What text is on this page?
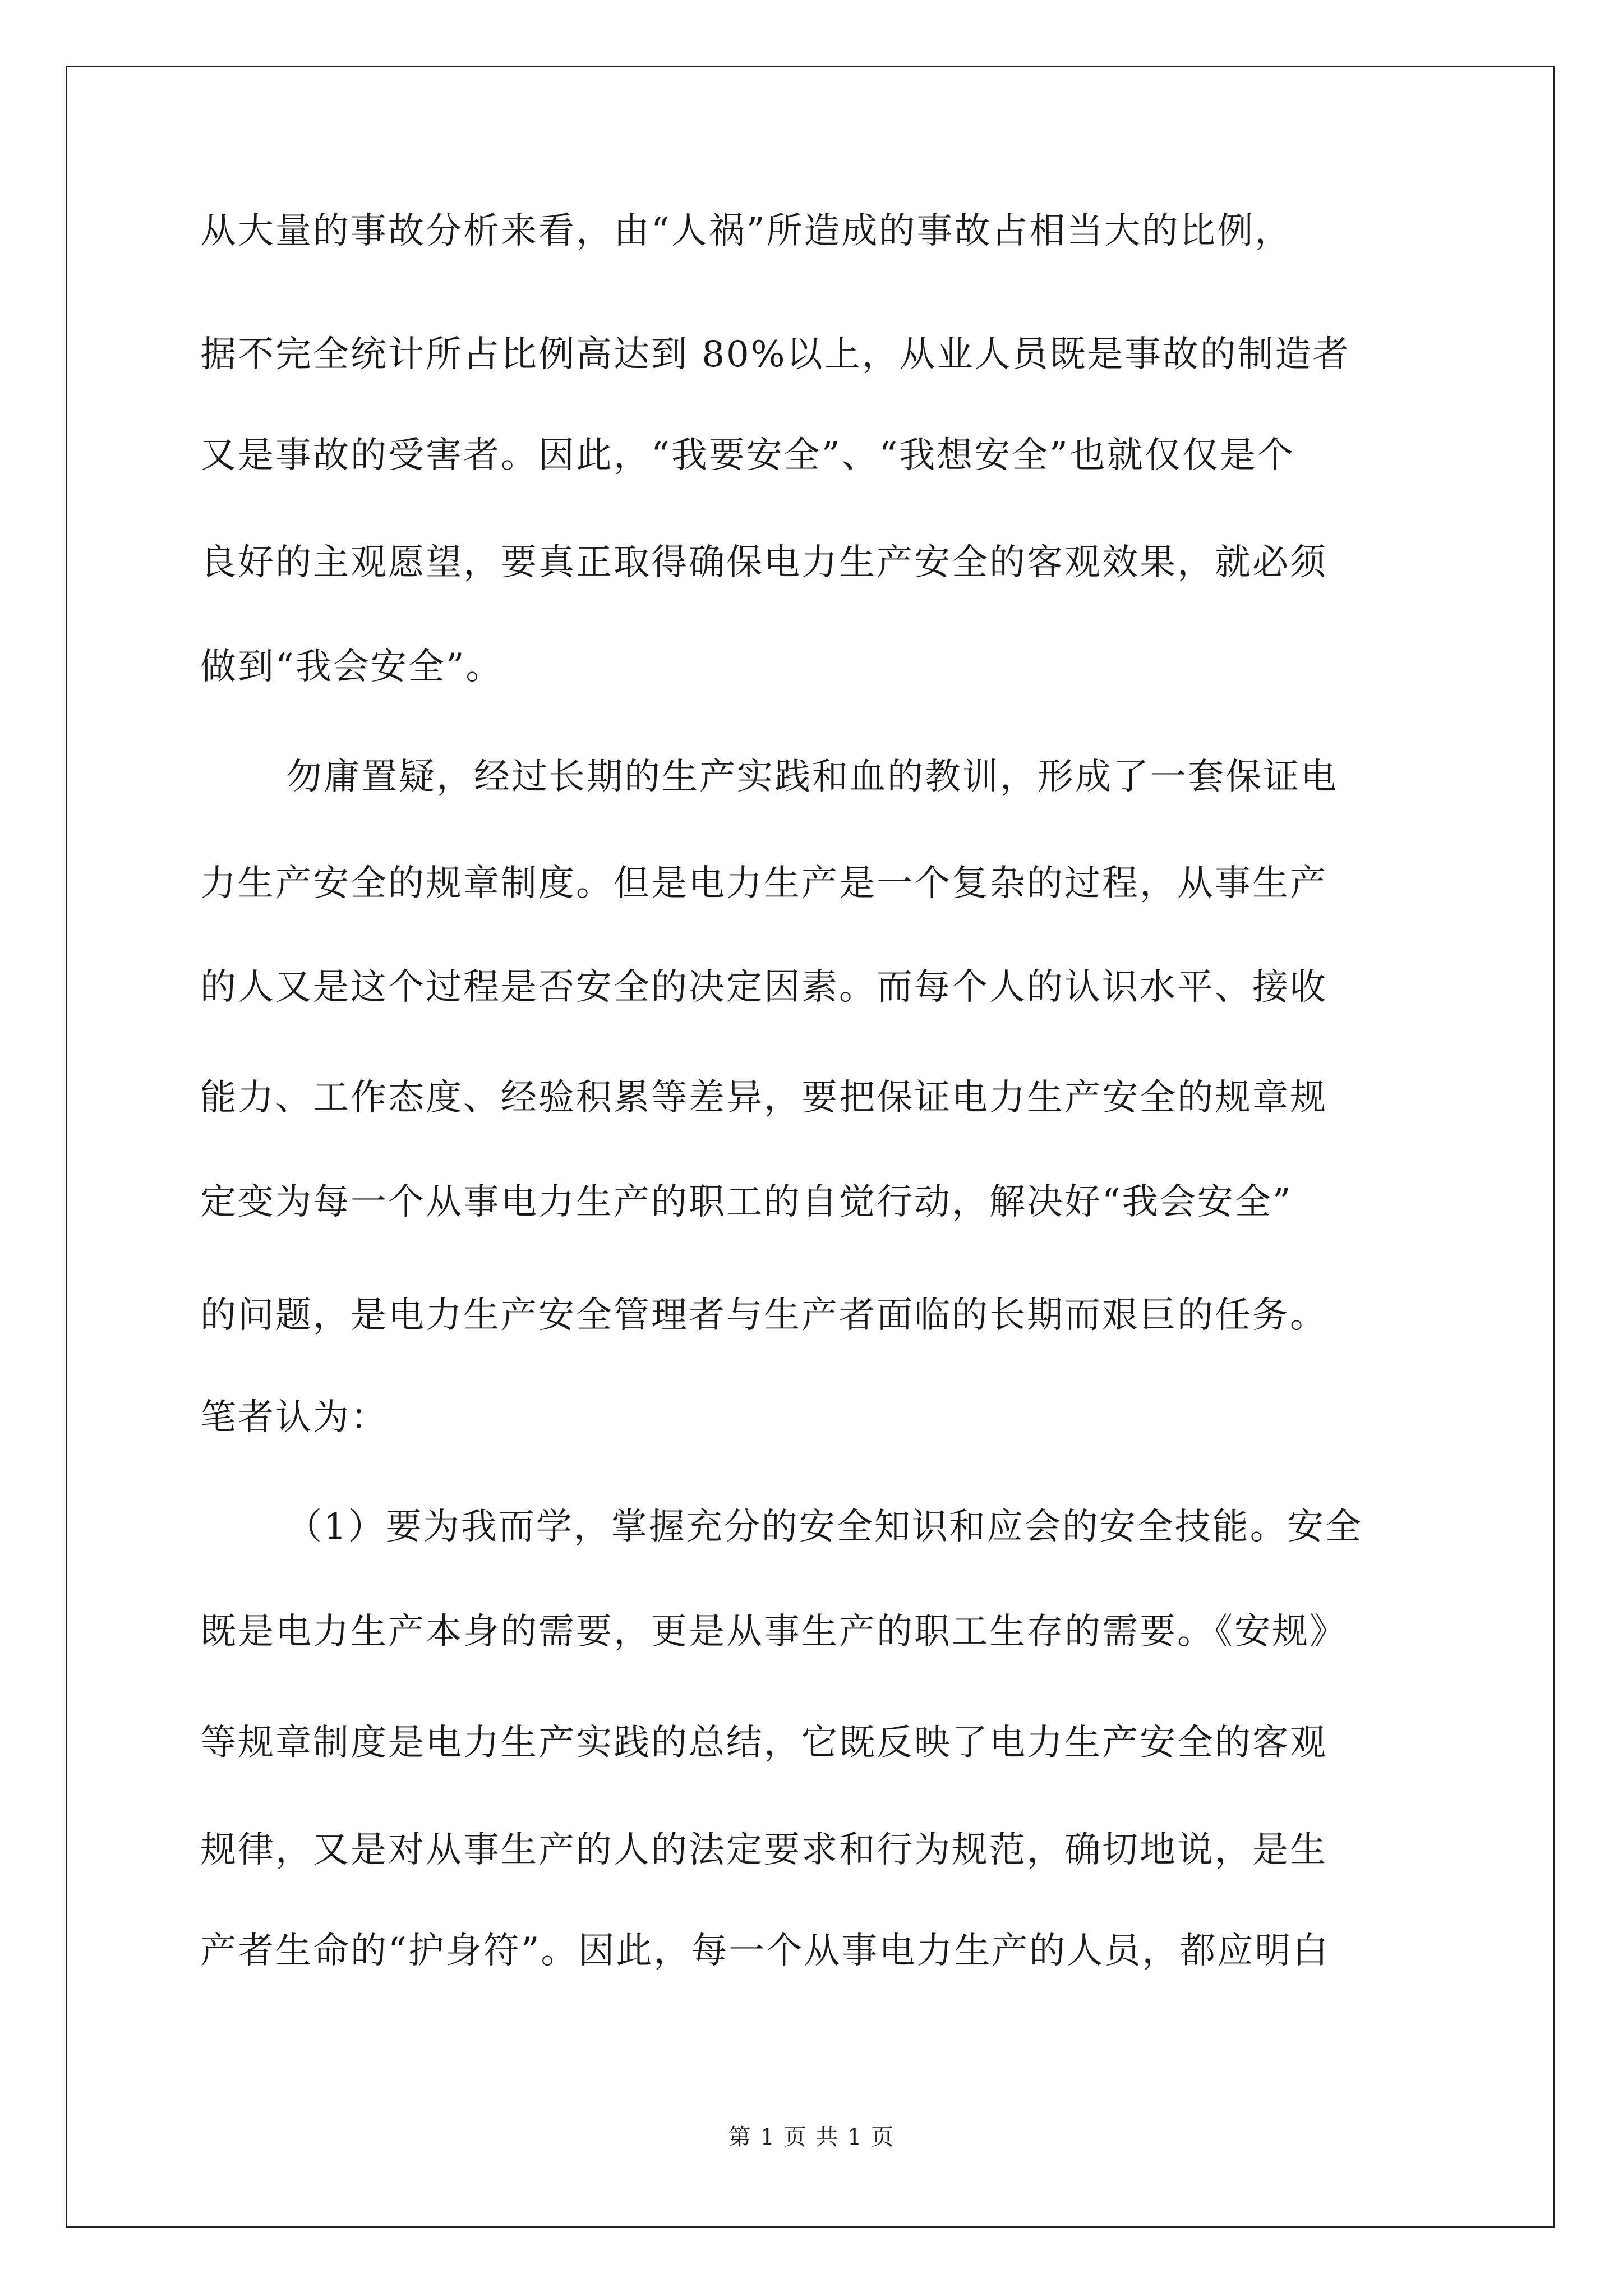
从大量的事故分析来看，由“人祸”所造成的事故占相当大的比例，
据不完全统计所占比例高达到 80%以上，从业人员既是事故的制造者
又是事故的受害者。因此，“我要安全”、“我想安全”也就仅仅是个
良好的主观愿望，要真正取得确保电力生产安全的客观效果，就必须
做到“我会安全”。
勿庸置疑，经过长期的生产实践和血的教训，形成了一套保证电
力生产安全的规章制度。但是电力生产是一个复杂的过程，从事生产
的人又是这个过程是否安全的决定因素。而每个人的认识水平、接收
能力、工作态度、经验积累等差异，要把保证电力生产安全的规章规
定变为每一个从事电力生产的职工的自觉行动，解决好“我会安全”
的问题，是电力生产安全管理者与生产者面临的长期而艰巨的任务。
笔者认为：
（1）要为我而学，掌握充分的安全知识和应会的安全技能。安全
既是电力生产本身的需要，更是从事生产的职工生存的需要。《安规》
等规章制度是电力生产实践的总结，它既反映了电力生产安全的客观
规律，又是对从事生产的人的法定要求和行为规范，确切地说，是生
产者生命的“护身符”。因此，每一个从事电力生产的人员，都应明白
第 1 页 共 1 页
